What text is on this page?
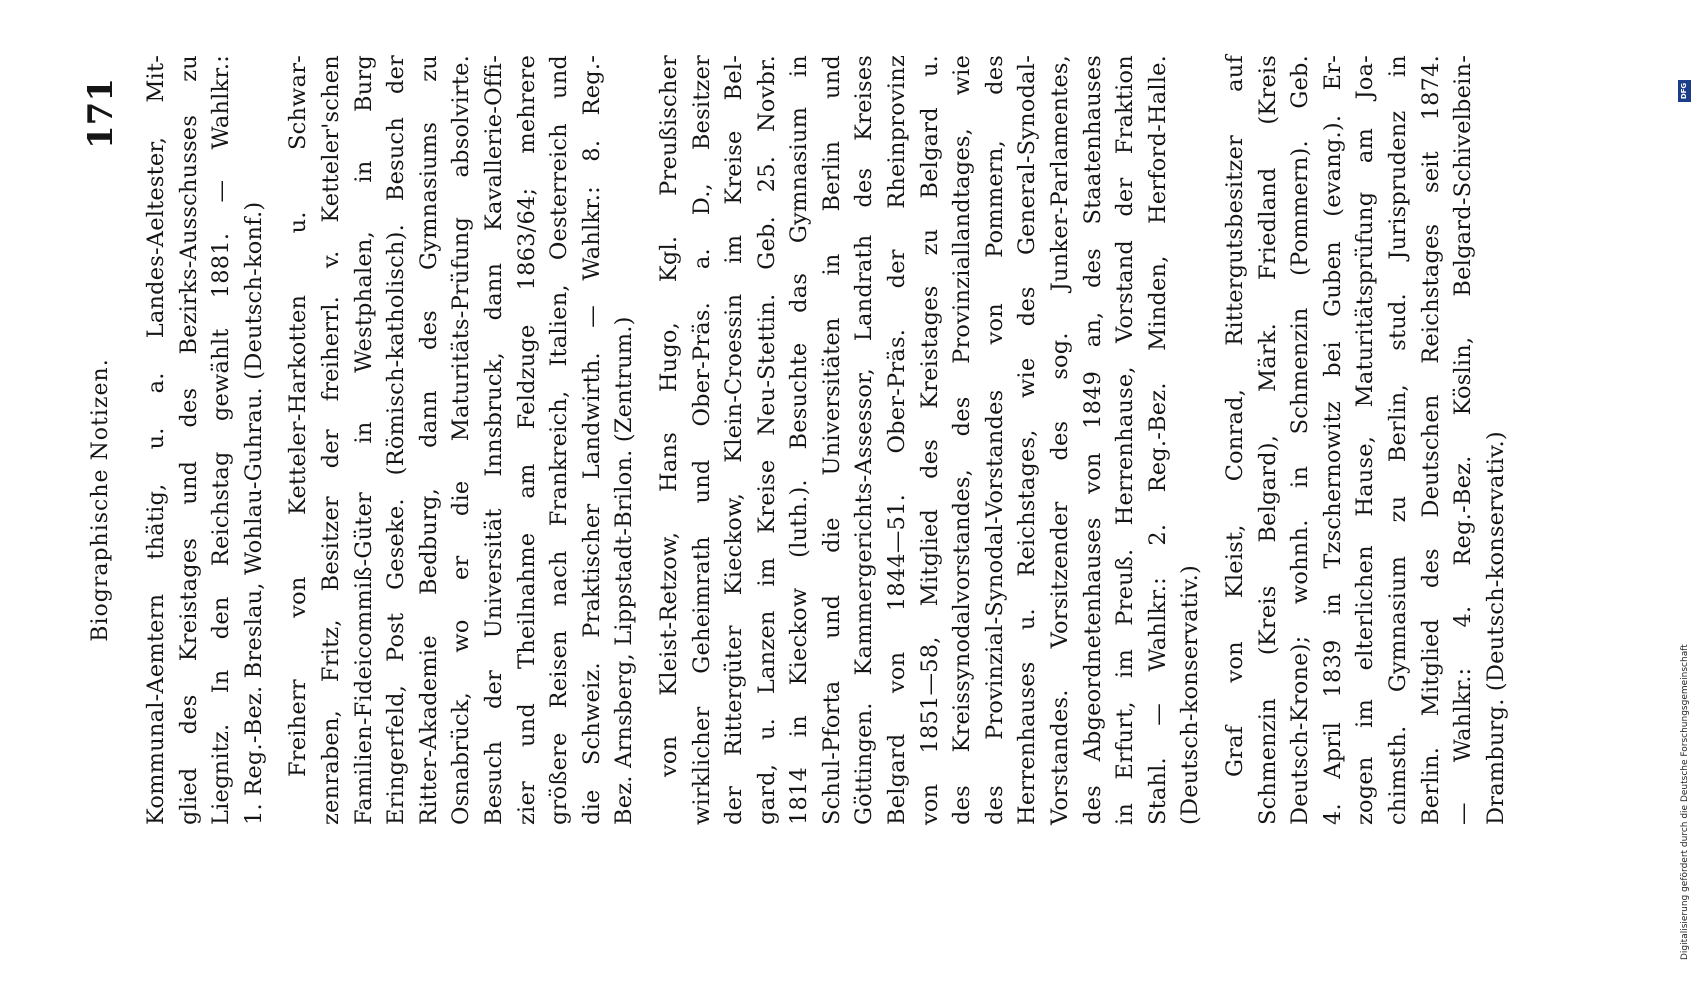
Biographische Notizen.
171 Kommunal-Aemtern thätig, u. a. Landes-Aeltester, Mit- glied des Kreistages und des Bezirks-Ausschusses zu Liegnitz. In den Reichstag gewählt 1881. — Wahlkr.: 1. Reg.-Bez. Breslau, Wohlau-Guhrau. (Deutsch-konf.) Freiherr von Ketteler-Harkotten u. Schwar- zenraben, Fritz, Besitzer der freiherrl. v. Ketteler'schen Familien-Fideicommiß-Güter in Westphalen, in Burg Eringerfeld, Post Geseke. (Römisch-katholisch). Besuch der Ritter-Akademie Bedburg, dann des Gymnasiums zu Osnabrück, wo er die Maturitäts-Prüfung absolvirte. Besuch der Universität Innsbruck, dann Kavallerie-Offi- zier und Theilnahme am Feldzuge 1863/64; mehrere größere Reisen nach Frankreich, Italien, Oesterreich und die Schweiz. Praktischer Landwirth. — Wahlkr.: 8. Reg.- Bez. Arnsberg, Lippstadt-Brilon. (Zentrum.) von Kleist-Retzow, Hans Hugo, Kgl. Preußischer wirklicher Geheimrath und Ober-Präs. a. D., Besitzer der Rittergüter Kieckow, Klein-Croessin im Kreise Bel- gard, u. Lanzen im Kreise Neu-Stettin. Geb. 25. Novbr. 1814 in Kieckow (luth.). Besuchte das Gymnasium in Schul-Pforta und die Universitäten in Berlin und Göttingen. Kammergerichts-Assessor, Landrath des Kreises Belgard von 1844—51. Ober-Präs. der Rheinprovinz von 1851—58, Mitglied des Kreistages zu Belgard u. des Kreissynodalvorstandes, des Provinziallandtages, wie des Provinzial-Synodal-Vorstandes von Pommern, des Herrenhauses u. Reichstages, wie des General-Synodal- Vorstandes. Vorsitzender des sog. Junker-Parlamentes, des Abgeordnetenhauses von 1849 an, des Staatenhauses in Erfurt, im Preuß. Herrenhause, Vorstand der Fraktion Stahl. — Wahlkr.: 2. Reg.-Bez. Minden, Herford-Halle. (Deutsch-konservativ.) Graf von Kleist, Conrad, Rittergutsbesitzer auf Schmenzin (Kreis Belgard), Märk. Friedland (Kreis Deutsch-Krone); wohnh. in Schmenzin (Pommern). Geb. 4. April 1839 in Tzschernowitz bei Guben (evang.). Er- zogen im elterlichen Hause, Maturitätsprüfung am Joa- chimsth. Gymnasium zu Berlin, stud. Jurisprudenz in Berlin. Mitglied des Deutschen Reichstages seit 1874. — Wahlkr.: 4. Reg.-Bez. Köslin, Belgard-Schivelbein- Dramburg. (Deutsch-konservativ.)	Digitalisierung gefördert durch die Deutsche Forschungsgemeinschaft
DFG
